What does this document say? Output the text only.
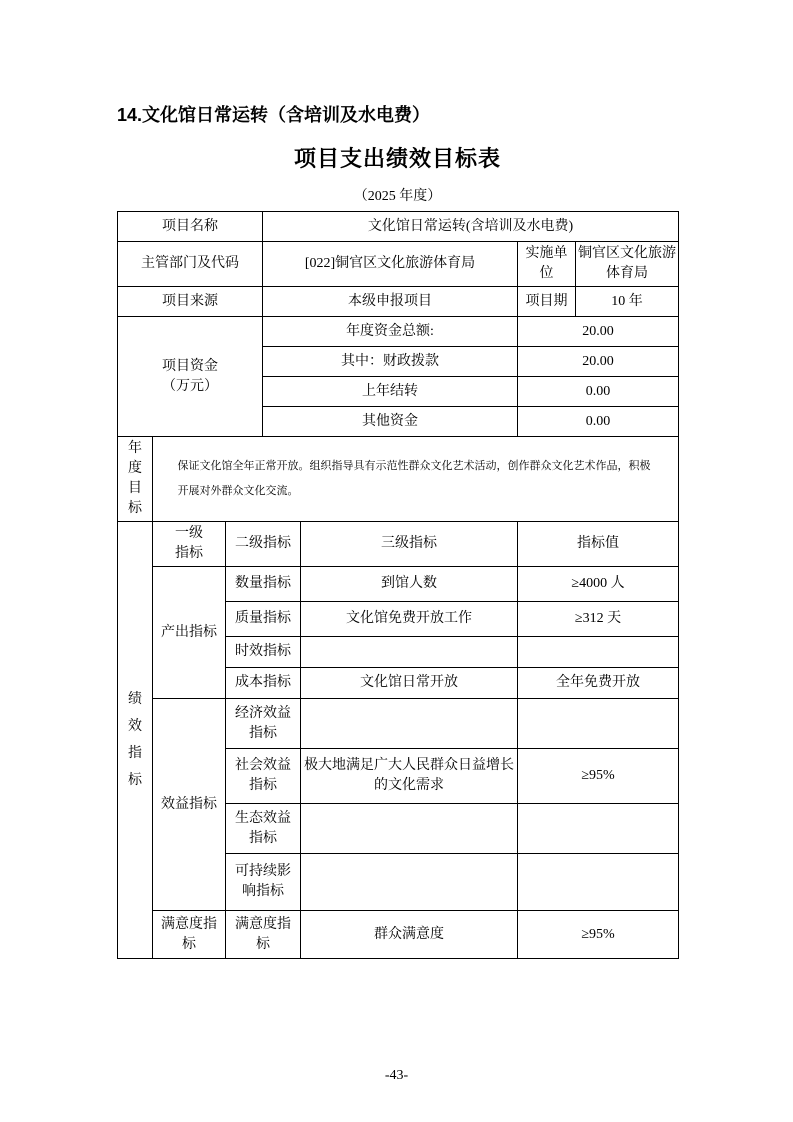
14.文化馆日常运转（含培训及水电费）
项目支出绩效目标表
（2025 年度）
项目名称			文化馆日常运转(含培训及水电费)			
主管部门及代码			[022]铜官区文化旅游体育局		实施单位	铜官区文化旅游体育局
项目来源			本级申报项目		项目期	10 年

项目资金
（万元）			年度资金总额:		20.00	
			其中：财政拨款		20.00	
			上年结转		0.00	
			其他资金		0.00	
年度目标	保证文化馆全年正常开放。组织指导具有示范性群众文化艺术活动，创作群众文化艺术作品，积极开展对外群众文化交流。					
绩效指标	一级指标	二级指标		三级指标	指标值	
	产出指标	数量指标		到馆人数	≥4000 人	
		质量指标		文化馆免费开放工作	≥312 天	
		时效指标				
		成本指标		文化馆日常开放	全年免费开放	
	效益指标	经济效益指标				
		社会效益指标		极大地满足广大人民群众日益增长的文化需求	≥95%	
		生态效益指标				
		可持续影响指标				
	满意度指标	满意度指标		群众满意度	≥95%	
-43-
